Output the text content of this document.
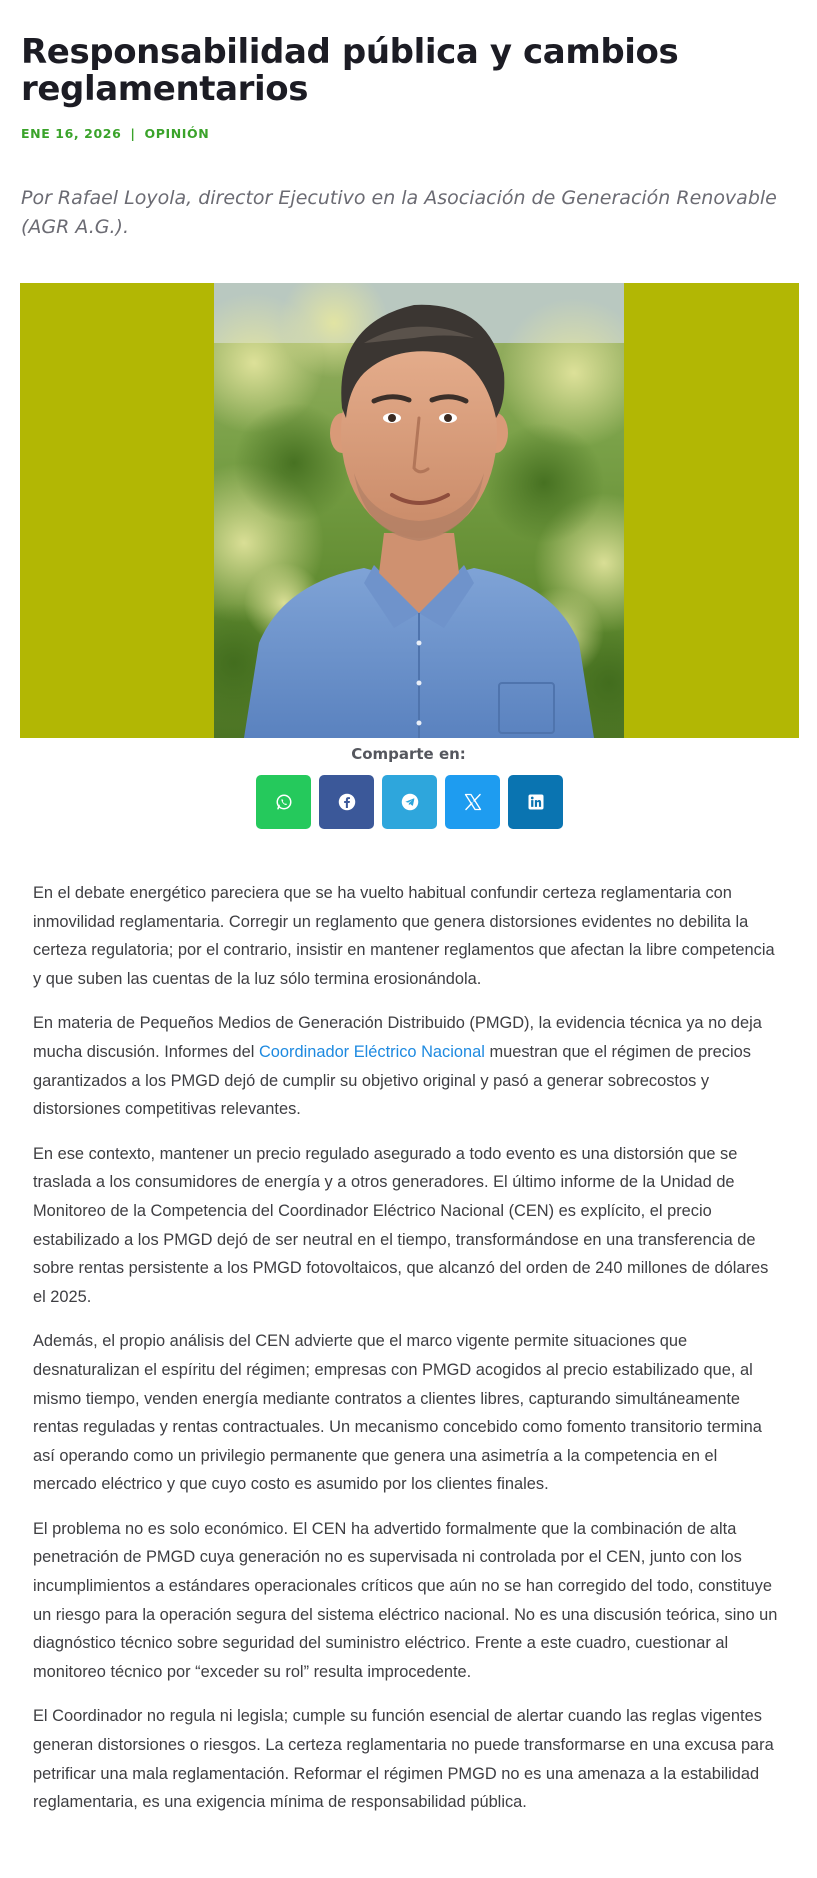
Responsabilidad pública y cambios reglamentarios
ENE 16, 2026 | OPINIÓN

Por Rafael Loyola, director Ejecutivo en la Asociación de Generación Renovable (AGR A.G.).

Comparte en:

En el debate energético pareciera que se ha vuelto habitual confundir certeza reglamentaria con inmovilidad reglamentaria. Corregir un reglamento que genera distorsiones evidentes no debilita la certeza regulatoria; por el contrario, insistir en mantener reglamentos que afectan la libre competencia y que suben las cuentas de la luz sólo termina erosionándola.

En materia de Pequeños Medios de Generación Distribuido (PMGD), la evidencia técnica ya no deja mucha discusión. Informes del Coordinador Eléctrico Nacional muestran que el régimen de precios garantizados a los PMGD dejó de cumplir su objetivo original y pasó a generar sobrecostos y distorsiones competitivas relevantes.

En ese contexto, mantener un precio regulado asegurado a todo evento es una distorsión que se traslada a los consumidores de energía y a otros generadores. El último informe de la Unidad de Monitoreo de la Competencia del Coordinador Eléctrico Nacional (CEN) es explícito, el precio estabilizado a los PMGD dejó de ser neutral en el tiempo, transformándose en una transferencia de sobre rentas persistente a los PMGD fotovoltaicos, que alcanzó del orden de 240 millones de dólares el 2025.

Además, el propio análisis del CEN advierte que el marco vigente permite situaciones que desnaturalizan el espíritu del régimen; empresas con PMGD acogidos al precio estabilizado que, al mismo tiempo, venden energía mediante contratos a clientes libres, capturando simultáneamente rentas reguladas y rentas contractuales. Un mecanismo concebido como fomento transitorio termina así operando como un privilegio permanente que genera una asimetría a la competencia en el mercado eléctrico y que cuyo costo es asumido por los clientes finales.

El problema no es solo económico. El CEN ha advertido formalmente que la combinación de alta penetración de PMGD cuya generación no es supervisada ni controlada por el CEN, junto con los incumplimientos a estándares operacionales críticos que aún no se han corregido del todo, constituye un riesgo para la operación segura del sistema eléctrico nacional. No es una discusión teórica, sino un diagnóstico técnico sobre seguridad del suministro eléctrico. Frente a este cuadro, cuestionar al monitoreo técnico por “exceder su rol” resulta improcedente.

El Coordinador no regula ni legisla; cumple su función esencial de alertar cuando las reglas vigentes generan distorsiones o riesgos. La certeza reglamentaria no puede transformarse en una excusa para petrificar una mala reglamentación. Reformar el régimen PMGD no es una amenaza a la estabilidad reglamentaria, es una exigencia mínima de responsabilidad pública.
